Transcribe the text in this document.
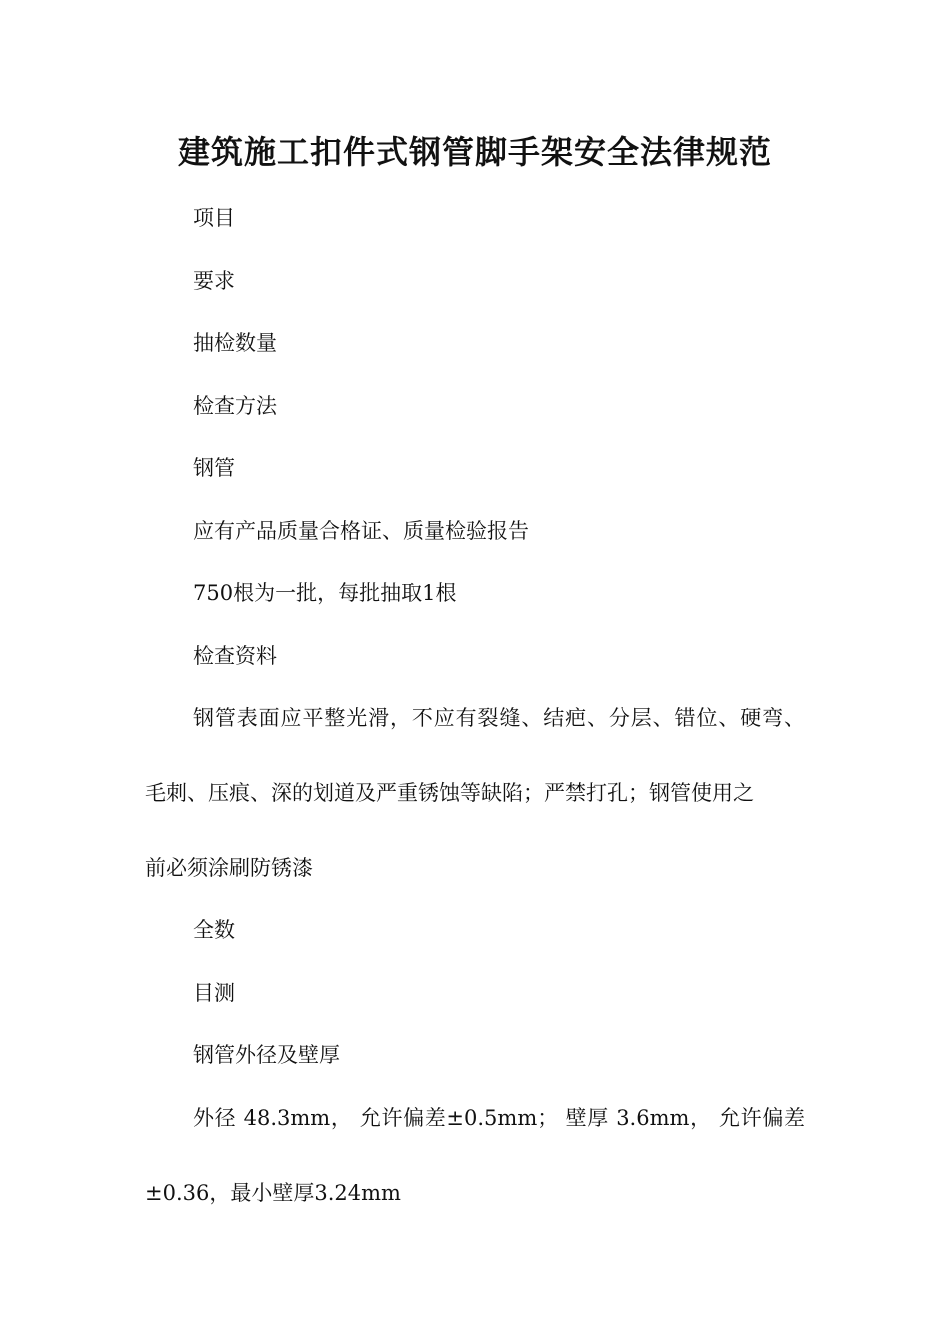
建筑施工扣件式钢管脚手架安全法律规范

项目

要求

抽检数量

检查方法

钢管

应有产品质量合格证、质量检验报告

750根为一批，每批抽取1根

检查资料

钢管表面应平整光滑，不应有裂缝、结疤、分层、错位、硬弯、

毛刺、压痕、深的划道及严重锈蚀等缺陷；严禁打孔；钢管使用之

前必须涂刷防锈漆

全数

目测

钢管外径及壁厚

外径 48.3mm， 允许偏差±0.5mm； 壁厚 3.6mm， 允许偏差

±0.36，最小壁厚3.24mm
